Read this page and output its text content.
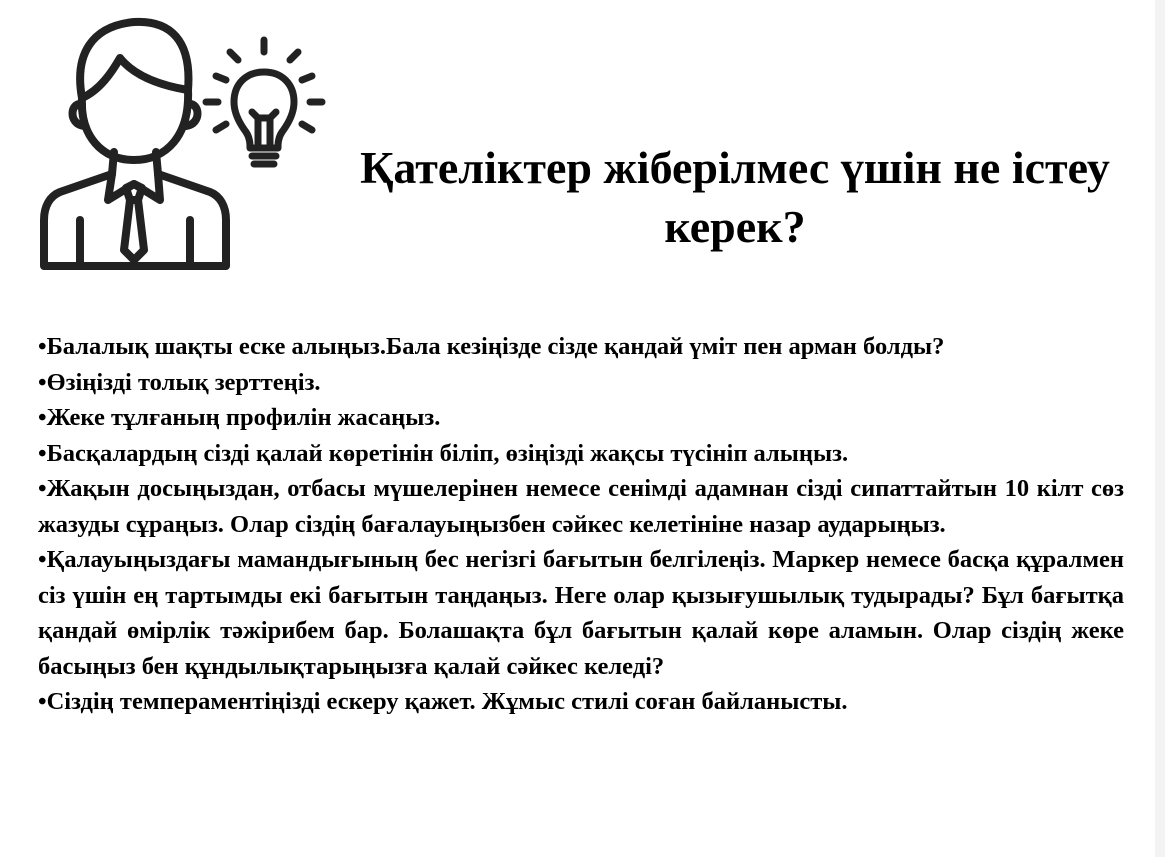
Қателіктер жіберілмес үшін не істеу керек?
•Балалық шақты еске алыңыз.Бала кезіңізде сізде қандай үміт пен арман болды?
•Өзіңізді толық зерттеңіз.
•Жеке тұлғаның профилін жасаңыз.
•Басқалардың сізді қалай көретінін біліп, өзіңізді жақсы түсініп алыңыз.
•Жақын досыңыздан, отбасы мүшелерінен немесе сенімді адамнан сізді сипаттайтын 10 кілт сөз жазуды сұраңыз. Олар сіздің бағалауыңызбен сәйкес келетініне назар аударыңыз.
•Қалауыңыздағы мамандығының бес негізгі бағытын белгілеңіз. Маркер немесе басқа құралмен сіз үшін ең тартымды екі бағытын таңдаңыз. Неге олар қызығушылық тудырады? Бұл бағытқа қандай өмірлік тәжірибем бар. Болашақта бұл бағытын қалай көре аламын. Олар сіздің жеке басыңыз бен құндылықтарыңызға қалай сәйкес келеді?
•Сіздің темпераментіңізді ескеру қажет. Жұмыс стилі соған байланысты.
